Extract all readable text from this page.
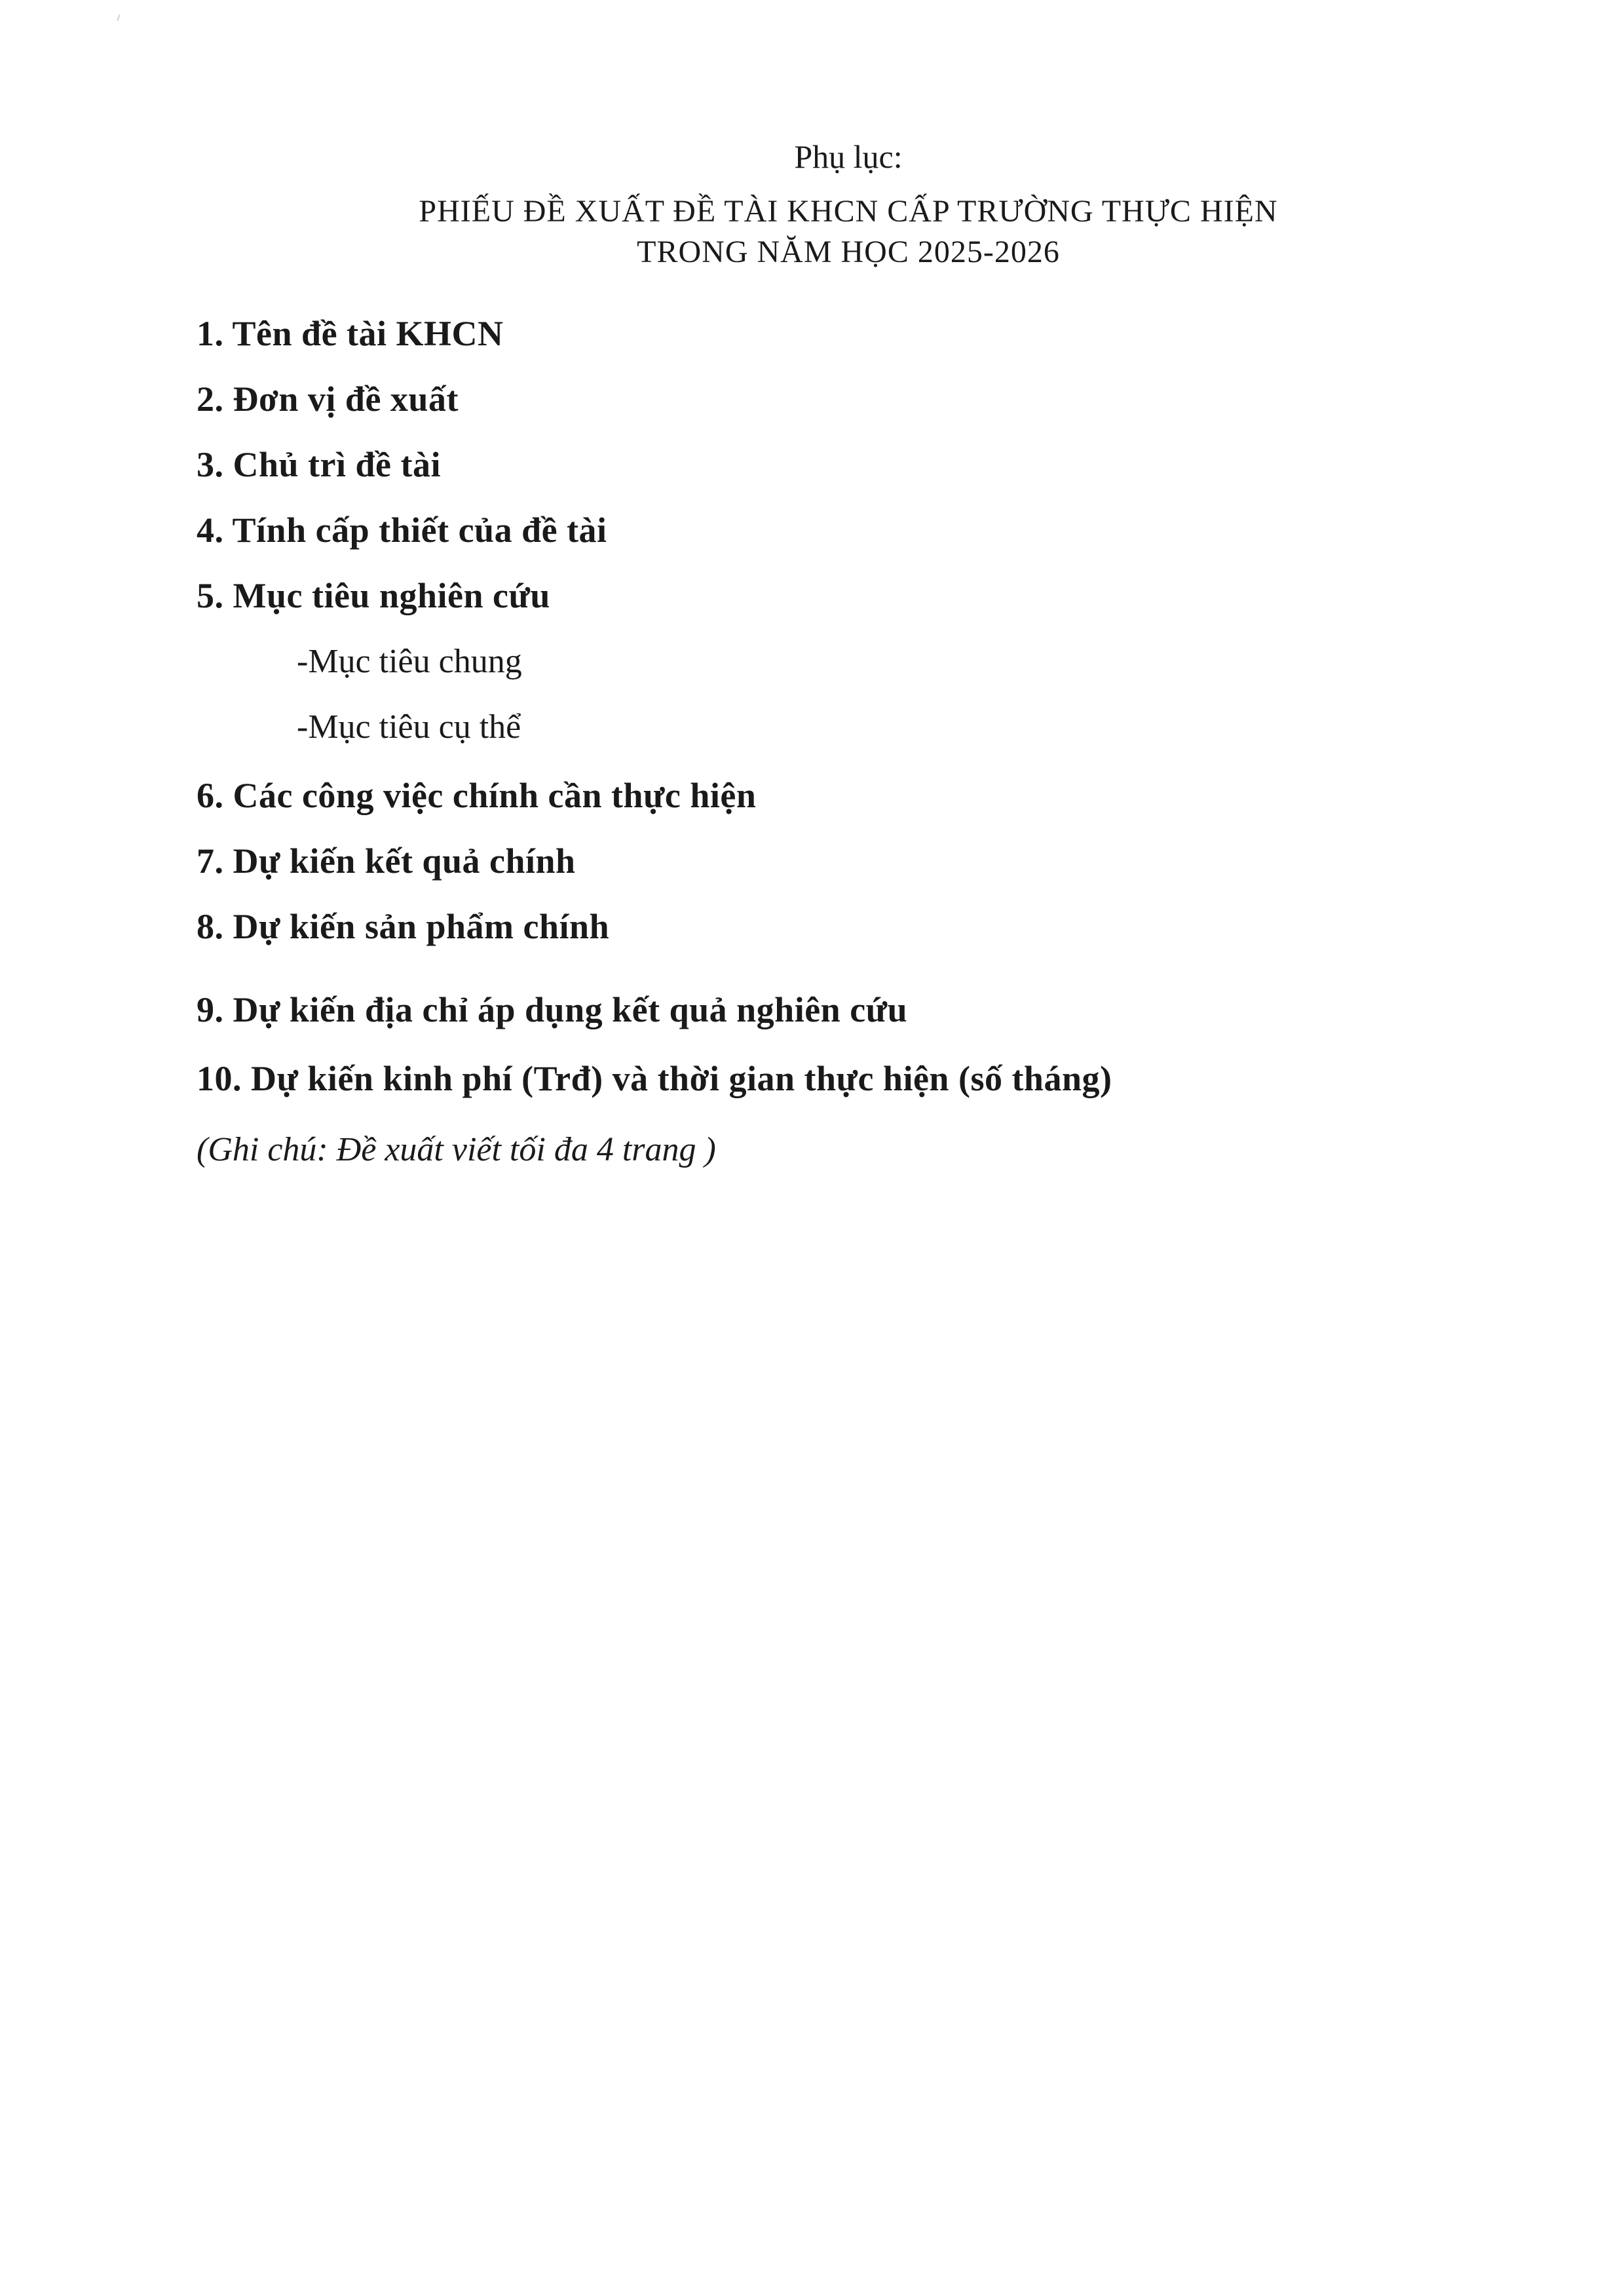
Phụ lục:

PHIẾU ĐỀ XUẤT ĐỀ TÀI KHCN CẤP TRƯỜNG THỰC HIỆN

TRONG NĂM HỌC 2025-2026

1. Tên đề tài KHCN

2. Đơn vị đề xuất

3. Chủ trì đề tài

4. Tính cấp thiết của đề tài

5. Mục tiêu nghiên cứu

-Mục tiêu chung

-Mục tiêu cụ thể

6. Các công việc chính cần thực hiện

7. Dự kiến kết quả chính

8. Dự kiến sản phẩm chính

9. Dự kiến địa chỉ áp dụng kết quả nghiên cứu

10. Dự kiến kinh phí (Trđ) và thời gian thực hiện (số tháng)

(Ghi chú: Đề xuất viết tối đa 4 trang )
